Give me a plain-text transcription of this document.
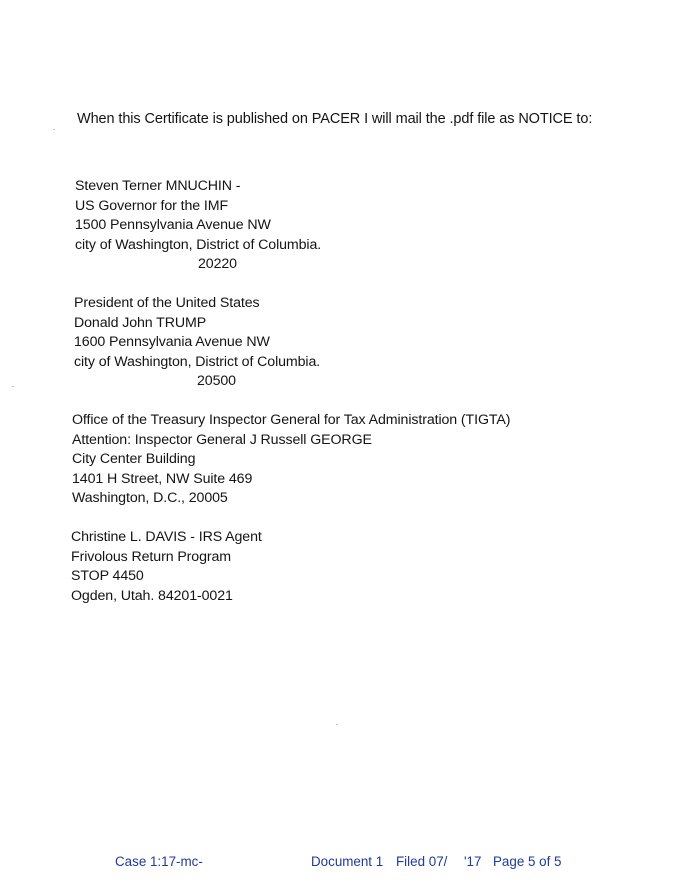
When this Certificate is published on PACER I will mail the .pdf file as NOTICE to:
Steven Terner MNUCHIN -
US Governor for the IMF
1500 Pennsylvania Avenue NW
city of Washington, District of Columbia.
20220
President of the United States
Donald John TRUMP
1600 Pennsylvania Avenue NW
city of Washington, District of Columbia.
20500
Office of the Treasury Inspector General for Tax Administration (TIGTA)
Attention: Inspector General J Russell GEORGE
City Center Building
1401 H Street, NW Suite 469
Washington, D.C., 20005
Christine L. DAVIS - IRS Agent
Frivolous Return Program
STOP 4450
Ogden, Utah. 84201-0021
Case 1:17-mc-	Document 1 Filed 07/ '17 Page 5 of 5
